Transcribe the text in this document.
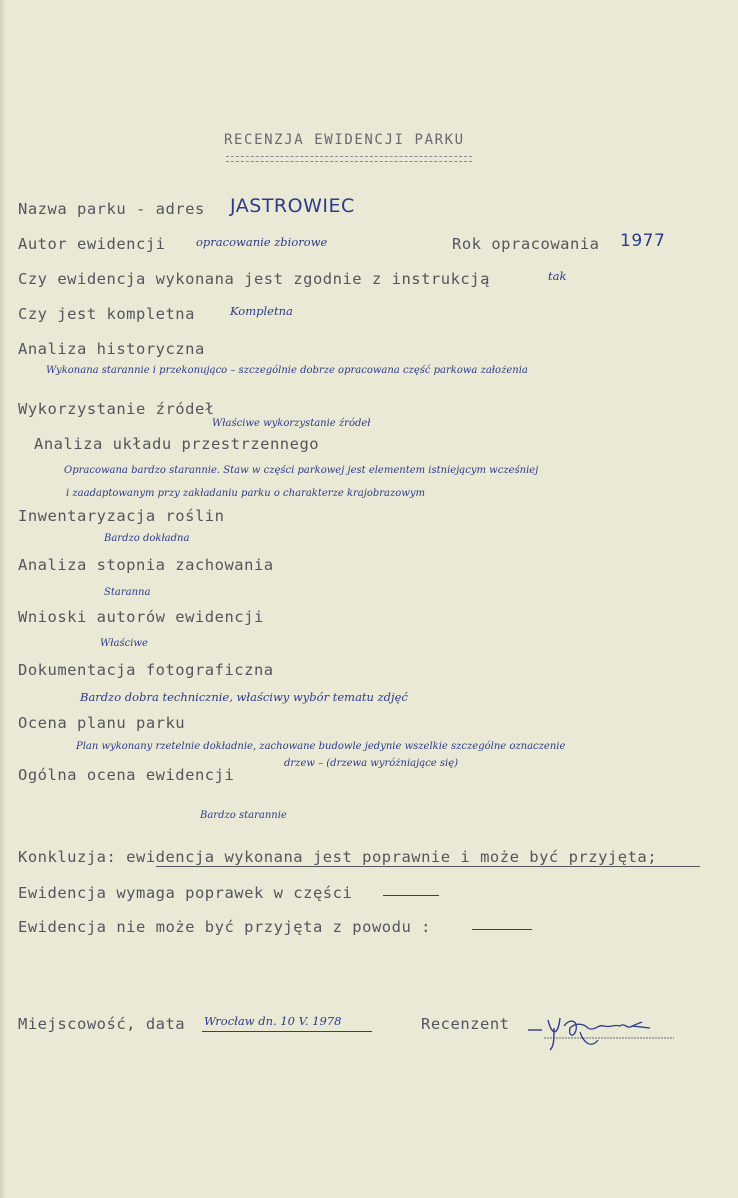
RECENZJA EWIDENCJI PARKU
Nazwa parku - adres JASTROWIEC
Autor ewidencji	opracowanie zbiorowe	Rok opracowania 1977
Czy ewidencja wykonana jest zgodnie z instrukcją	tak
Czy jest kompletna	Kompletna
Analiza historyczna
Wykonana starannie i przekonująco – szczególnie dobrze opracowana część parkowa założenia
Wykorzystanie źródeł
Właściwe wykorzystanie źródeł
Analiza układu przestrzennego
Opracowana bardzo starannie. Staw w części parkowej jest elementem istniejącym wcześniej
i zaadaptowanym przy zakładaniu parku o charakterze krajobrazowym
Inwentaryzacja roślin
Bardzo dokładna
Analiza stopnia zachowania
Staranna
Wnioski autorów ewidencji
Właściwe
Dokumentacja fotograficzna
Bardzo dobra technicznie, właściwy wybór tematu zdjęć
Ocena planu parku
Plan wykonany rzetelnie dokładnie, zachowane budowle jedynie wszelkie szczególne oznaczenie
drzew – (drzewa wyróżniające się)
Ogólna ocena ewidencji
Bardzo starannie
Konkluzja: ewidencja wykonana jest poprawnie i może być przyjęta;
Ewidencja wymaga poprawek w części
Ewidencja nie może być przyjęta z powodu :
Miejscowość, data Wrocław dn. 10 V. 1978	Recenzent
